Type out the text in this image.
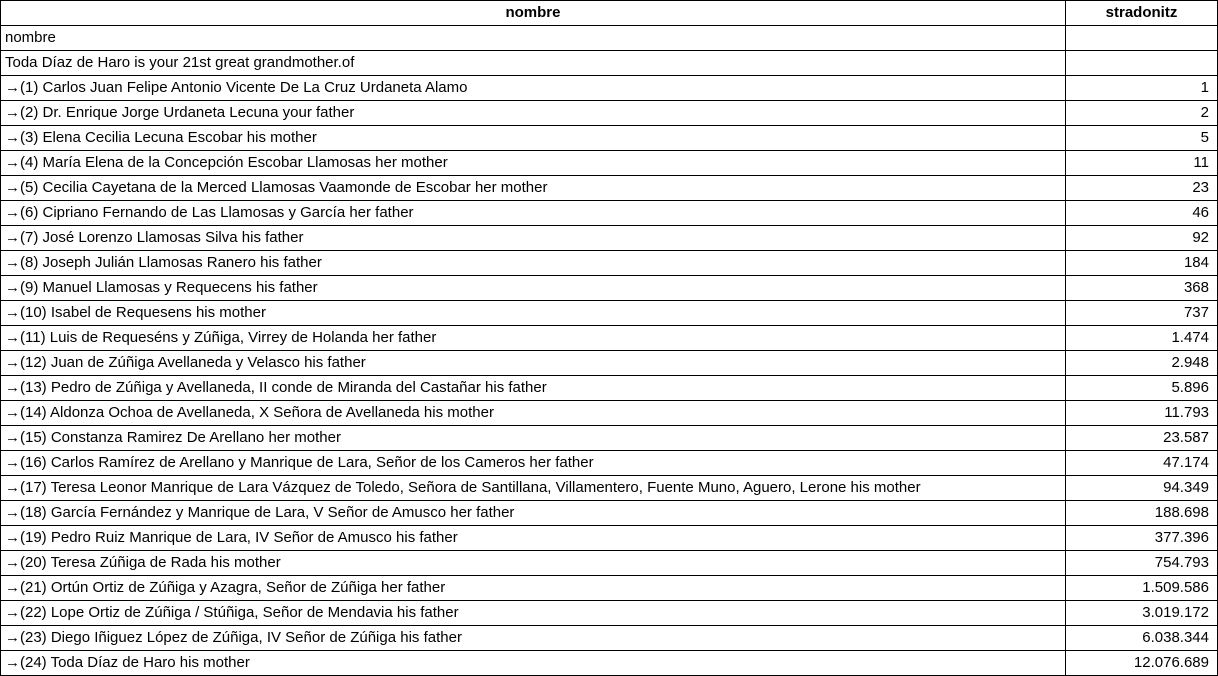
nombre	stradonitz
nombre	
Toda Díaz de Haro is your 21st great grandmother.of	
→(1) Carlos Juan Felipe Antonio Vicente De La Cruz Urdaneta Alamo	1
→(2) Dr. Enrique Jorge Urdaneta Lecuna your father	2
→(3) Elena Cecilia Lecuna Escobar his mother	5
→(4) María Elena de la Concepción Escobar Llamosas her mother	11
→(5) Cecilia Cayetana de la Merced Llamosas Vaamonde de Escobar her mother	23
→(6) Cipriano Fernando de Las Llamosas y García her father	46
→(7) José Lorenzo Llamosas Silva his father	92
→(8) Joseph Julián Llamosas Ranero his father	184
→(9) Manuel Llamosas y Requecens his father	368
→(10) Isabel de Requesens his mother	737
→(11) Luis de Requeséns y Zúñiga, Virrey de Holanda her father	1.474
→(12) Juan de Zúñiga Avellaneda y Velasco his father	2.948
→(13) Pedro de Zúñiga y Avellaneda, II conde de Miranda del Castañar his father	5.896
→(14) Aldonza Ochoa de Avellaneda, X Señora de Avellaneda his mother	11.793
→(15) Constanza Ramirez De Arellano her mother	23.587
→(16) Carlos Ramírez de Arellano y Manrique de Lara, Señor de los Cameros her father	47.174
→(17) Teresa Leonor Manrique de Lara Vázquez de Toledo, Señora de Santillana, Villamentero, Fuente Muno, Aguero, Lerone his mother	94.349
→(18) García Fernández y Manrique de Lara, V Señor de Amusco her father	188.698
→(19) Pedro Ruiz Manrique de Lara, IV Señor de Amusco his father	377.396
→(20) Teresa Zúñiga de Rada his mother	754.793
→(21) Ortún Ortiz de Zúñiga y Azagra, Señor de Zúñiga her father	1.509.586
→(22) Lope Ortiz de Zúñiga / Stúñiga, Señor de Mendavia his father	3.019.172
→(23) Diego Iñiguez López de Zúñiga, IV Señor de Zúñiga his father	6.038.344
→(24) Toda Díaz de Haro his mother	12.076.689
